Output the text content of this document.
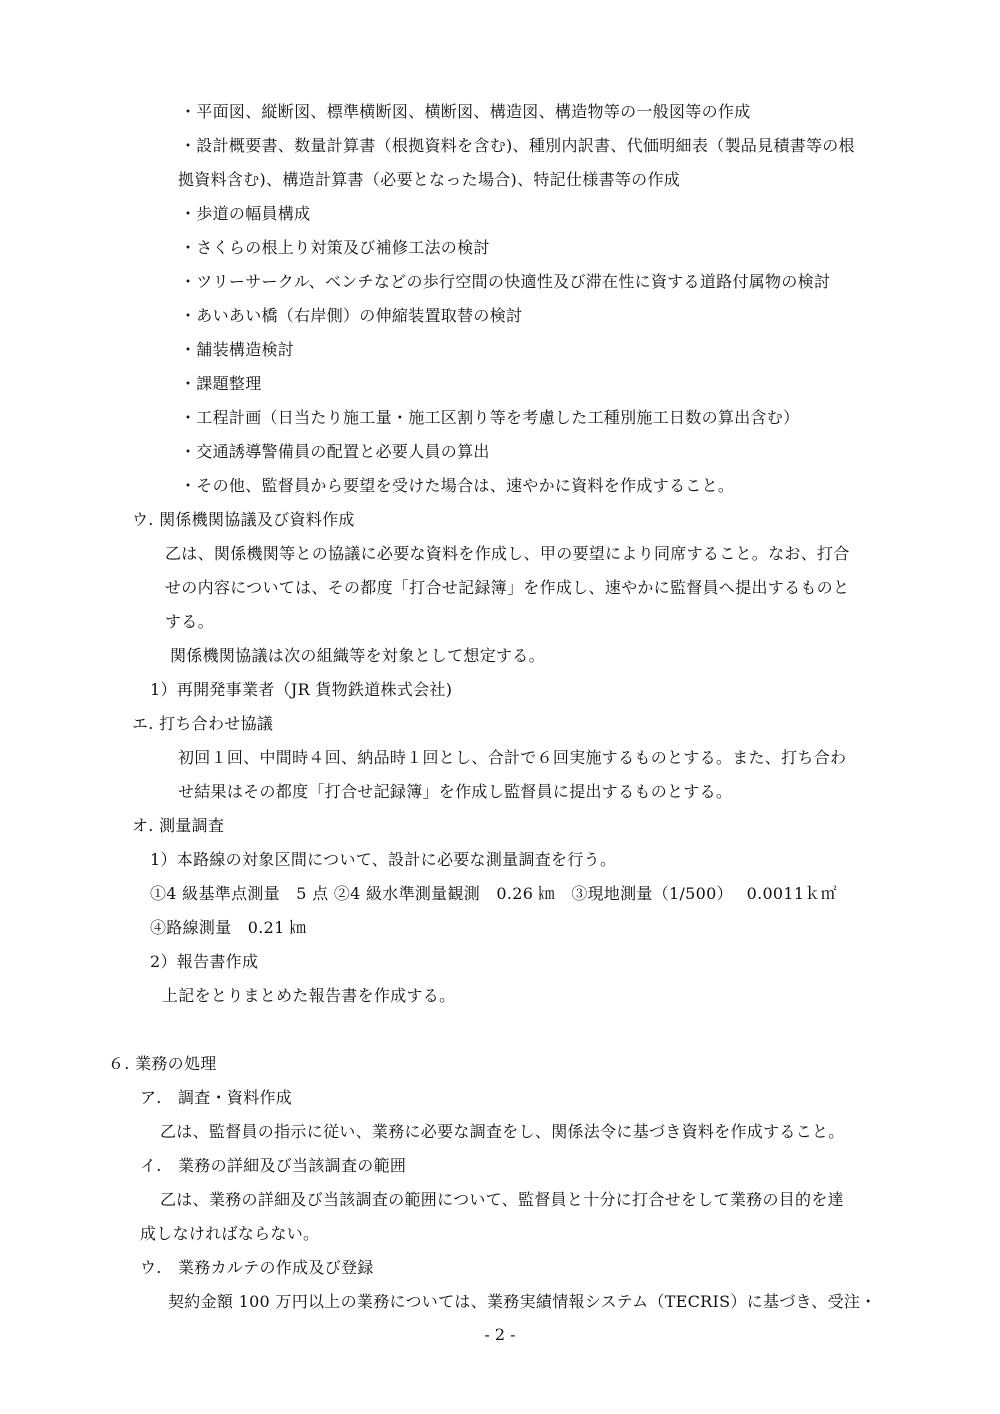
・平面図、縦断図、標準横断図、横断図、構造図、構造物等の一般図等の作成
・設計概要書、数量計算書（根拠資料を含む)、種別内訳書、代価明細表（製品見積書等の根
拠資料含む)、構造計算書（必要となった場合)、特記仕様書等の作成
・歩道の幅員構成
・さくらの根上り対策及び補修工法の検討
・ツリーサークル、ベンチなどの歩行空間の快適性及び滞在性に資する道路付属物の検討
・あいあい橋（右岸側）の伸縮装置取替の検討
・舗装構造検討
・課題整理
・工程計画（日当たり施工量・施工区割り等を考慮した工種別施工日数の算出含む）
・交通誘導警備員の配置と必要人員の算出
・その他、監督員から要望を受けた場合は、速やかに資料を作成すること。
ウ. 関係機関協議及び資料作成
乙は、関係機関等との協議に必要な資料を作成し、甲の要望により同席すること。なお、打合
せの内容については、その都度「打合せ記録簿」を作成し、速やかに監督員へ提出するものと
する。
関係機関協議は次の組織等を対象として想定する。
1）再開発事業者（JR 貨物鉄道株式会社)
エ. 打ち合わせ協議
初回１回、中間時４回、納品時１回とし、合計で６回実施するものとする。また、打ち合わ
せ結果はその都度「打合せ記録簿」を作成し監督員に提出するものとする。
オ. 測量調査
1）本路線の対象区間について、設計に必要な測量調査を行う。
①4 級基準点測量　5 点 ②4 級水準測量観測　0.26 ㎞　③現地測量（1/500）　 0.0011ｋ㎡
④路線測量　0.21 ㎞
2）報告書作成
上記をとりまとめた報告書を作成する。
６. 業務の処理
ア.　調査・資料作成
乙は、監督員の指示に従い、業務に必要な調査をし、関係法令に基づき資料を作成すること。
イ.　業務の詳細及び当該調査の範囲
乙は、業務の詳細及び当該調査の範囲について、監督員と十分に打合せをして業務の目的を達
成しなければならない。
ウ.　業務カルテの作成及び登録
契約金額 100 万円以上の業務については、業務実績情報システム（TECRIS）に基づき、受注・
- 2 -
